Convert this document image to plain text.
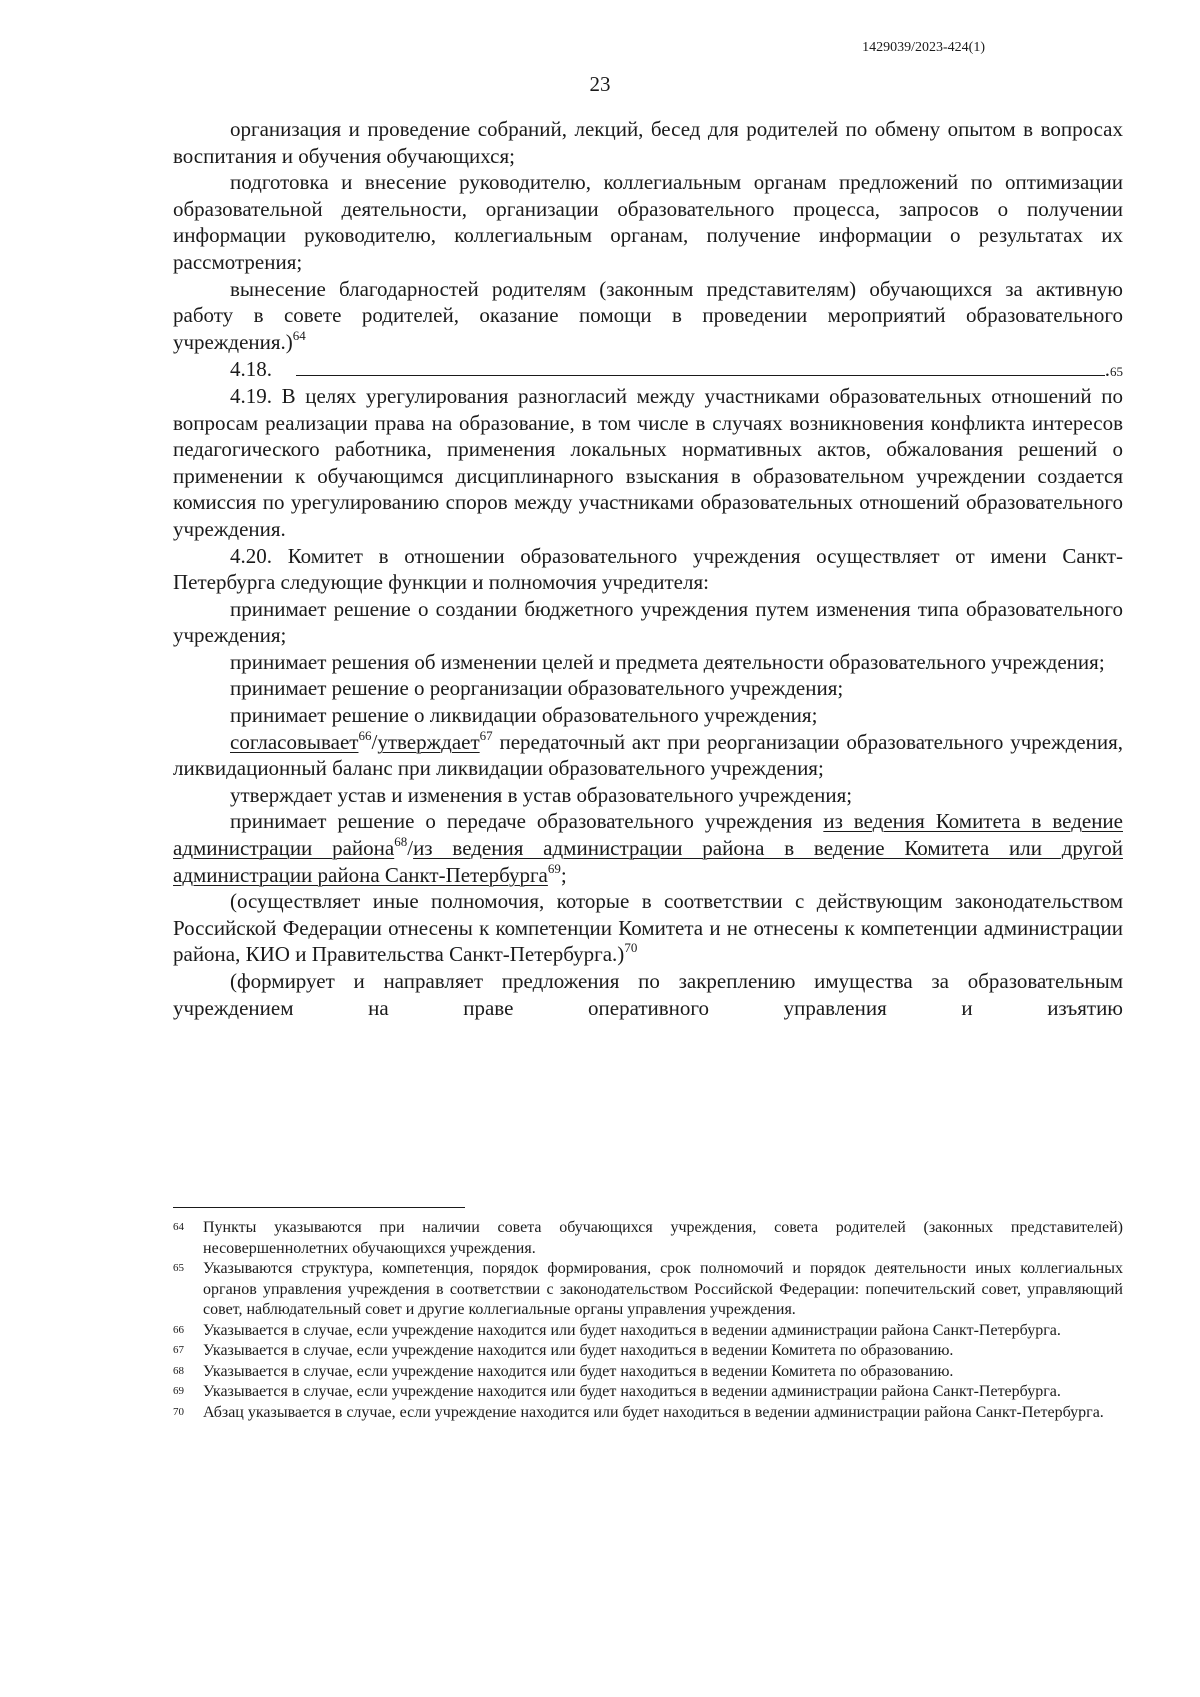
1429039/2023-424(1)
23

организация и проведение собраний, лекций, бесед для родителей по обмену опытом в вопросах воспитания и обучения обучающихся;

подготовка и внесение руководителю, коллегиальным органам предложений по оптимизации образовательной деятельности, организации образовательного процесса, запросов о получении информации руководителю, коллегиальным органам, получение информации о результатах их рассмотрения;

вынесение благодарностей родителям (законным представителям) обучающихся за активную работу в совете родителей, оказание помощи в проведении мероприятий образовательного учреждения.)$^{64}$

4.18.	. 65

4.19. В целях урегулирования разногласий между участниками образовательных отношений по вопросам реализации права на образование, в том числе в случаях возникновения конфликта интересов педагогического работника, применения локальных нормативных актов, обжалования решений о применении к обучающимся дисциплинарного взыскания в образовательном учреждении создается комиссия по урегулированию споров между участниками образовательных отношений образовательного учреждения.

4.20. Комитет в отношении образовательного учреждения осуществляет от имени Санкт-Петербурга следующие функции и полномочия учредителя:

принимает решение о создании бюджетного учреждения путем изменения типа образовательного учреждения;

принимает решения об изменении целей и предмета деятельности образовательного учреждения;

принимает решение о реорганизации образовательного учреждения;

принимает решение о ликвидации образовательного учреждения;

согласовывает$^{66}$/утверждает$^{67}$ передаточный акт при реорганизации образовательного учреждения, ликвидационный баланс при ликвидации образовательного учреждения;

утверждает устав и изменения в устав образовательного учреждения;

принимает решение о передаче образовательного учреждения из ведения Комитета в ведение администрации района$^{68}$/из ведения администрации района в ведение Комитета или другой администрации района Санкт-Петербурга$^{69}$;

(осуществляет иные полномочия, которые в соответствии с действующим законодательством Российской Федерации отнесены к компетенции Комитета и не отнесены к компетенции администрации района, КИО и Правительства Санкт-Петербурга.)$^{70}$

(формирует и направляет предложения по закреплению имущества за образовательным учреждением на праве оперативного управления и изъятию

64 Пункты указываются при наличии совета обучающихся учреждения, совета родителей (законных представителей) несовершеннолетних обучающихся учреждения.

65 Указываются структура, компетенция, порядок формирования, срок полномочий и порядок деятельности иных коллегиальных органов управления учреждения в соответствии с законодательством Российской Федерации: попечительский совет, управляющий совет, наблюдательный совет и другие коллегиальные органы управления учреждения.

66 Указывается в случае, если учреждение находится или будет находиться в ведении администрации района Санкт-Петербурга.

67 Указывается в случае, если учреждение находится или будет находиться в ведении Комитета по образованию.

68 Указывается в случае, если учреждение находится или будет находиться в ведении Комитета по образованию.

69 Указывается в случае, если учреждение находится или будет находиться в ведении администрации района Санкт-Петербурга.

70 Абзац указывается в случае, если учреждение находится или будет находиться в ведении администрации района Санкт-Петербурга.
